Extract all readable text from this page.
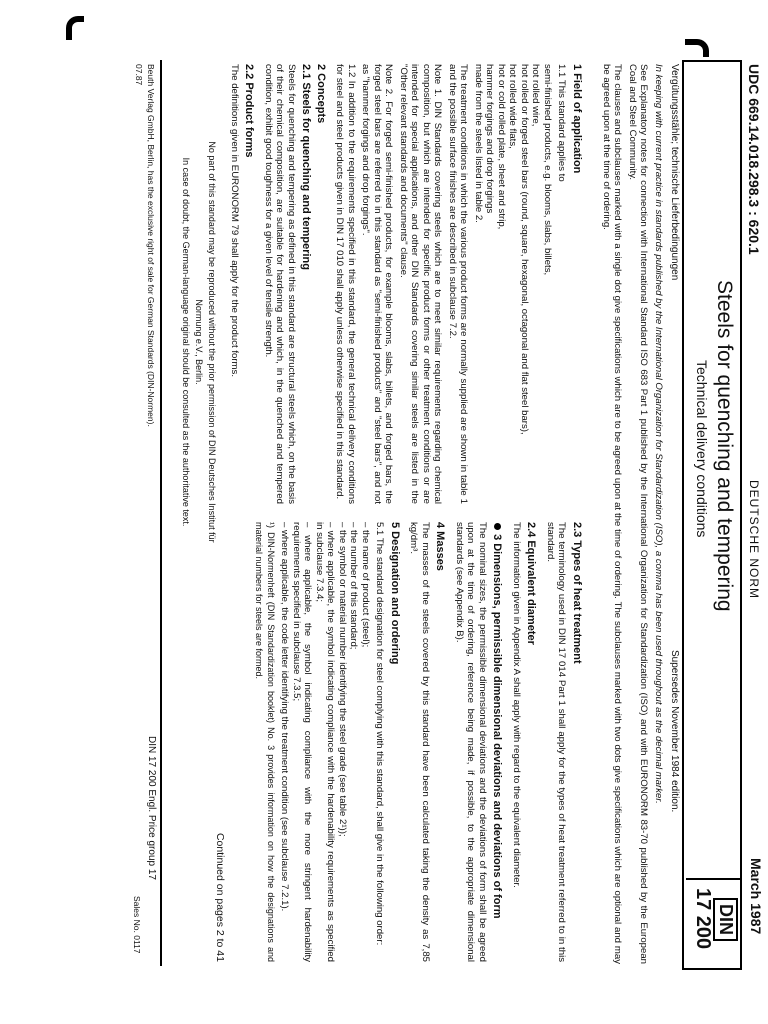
No part of this standard may be reproduced without the prior permission of DIN Deutsches Institut für Normung e.V., Berlin.
In case of doubt, the German-language original should be consulted as the authoritative text.	UDC 669.14.018.298.3 : 620.1
DEUTSCHE NORM
March 1987
Steels for quenching and tempering
Technical delivery conditions
DIN
17 200
Vergütungsstähle; technische Lieferbedingungen
Supersedes November 1984 edition.

In keeping with current practice in standards published by the International Organization for Standardization (ISO), a comma has been used throughout as the decimal marker.

See Explanatory notes for connection with International Standard ISO 683 Part 1 published by the International Organization for Standardization (ISO) and with EURONORM 83-70 published by the European Coal and Steel Community.

The clauses and subclauses marked with a single dot give specifications which are to be agreed upon at the time of ordering. The subclauses marked with two dots give specifications which are optional and may be agreed upon at the time of ordering.

1 Field of application

1.1 This standard applies to

semi-finished products, e.g. blooms, slabs, billets,

hot rolled wire,

hot rolled or forged steel bars (round, square, hexagonal, octagonal and flat steel bars),

hot rolled wide flats,

hot or cold rolled plate, sheet and strip,

hammer forgings and drop forgings

made from the steels listed in table 2.

The treatment conditions in which the various product forms are normally supplied are shown in table 1 and the possible surface finishes are described in subclause 7.2.

Note 1. DIN Standards covering steels which are to meet similar requirements regarding chemical composition, but which are intended for specific product forms or other treatment conditions or are intended for special applications, and other DIN Standards covering similar steels are listed in the "Other relevant standards and documents" clause.

Note 2. For forged semi-finished products, for example blooms, slabs, billets, and forged bars, the forged steel bars are referred to in this standard as "semi-finished products" and "steel bars", and not as "hammer forgings and drop forgings".

1.2 In addition to the requirements specified in this standard, the general technical delivery conditions for steel and steel products given in DIN 17 010 shall apply unless otherwise specified in this standard.

2 Concepts
2.1 Steels for quenching and tempering

Steels for quenching and tempering as defined in this standard are structural steels which, on the basis of their chemical composition, are suitable for hardening and which, in the quenched and tempered condition, exhibit good toughness for a given level of tensile strength.

2.2 Product forms

The definitions given in EURONORM 79 shall apply for the product forms.

2.3 Types of heat treatment

The terminology used in DIN 17 014 Part 1 shall apply for the types of heat treatment referred to in this standard.

2.4 Equivalent diameter

The information given in Appendix A shall apply with regard to the equivalent diameter.

3 Dimensions, permissible dimensional deviations and deviations of form

The nominal sizes, the permissible dimensional deviations and the deviations of form shall be agreed upon at the time of ordering, reference being made, if possible, to the appropriate dimensional standards (see Appendix B).

4 Masses

The masses of the steels covered by this standard have been calculated taking the density as 7,85 kg/dm³.

5 Designation and ordering

5.1 The standard designation for steel complying with this standard, shall give in the following order:

– the name of product (steel);

– the number of this standard;

– the symbol or material number identifying the steel grade (see table 2¹));

– where applicable, the symbol indicating compliance with the hardenability requirements as specified in subclause 7.3.4;

– where applicable, the symbol indicating compliance with the more stringent hardenability requirements specified in subclause 7.3.5;

– where applicable, the code letter identifying the treatment condition (see subclause 7.2.1).

¹) DIN-Normenheft (DIN Standardization booklet) No. 3 provides information on how the designations and material numbers for steels are formed.

Continued on pages 2 to 41

Beuth Verlag GmbH, Berlin, has the exclusive right of sale for German Standards (DIN-Normen).
07.87
DIN 17 200 Engl. Price group 17
Sales No. 0117
